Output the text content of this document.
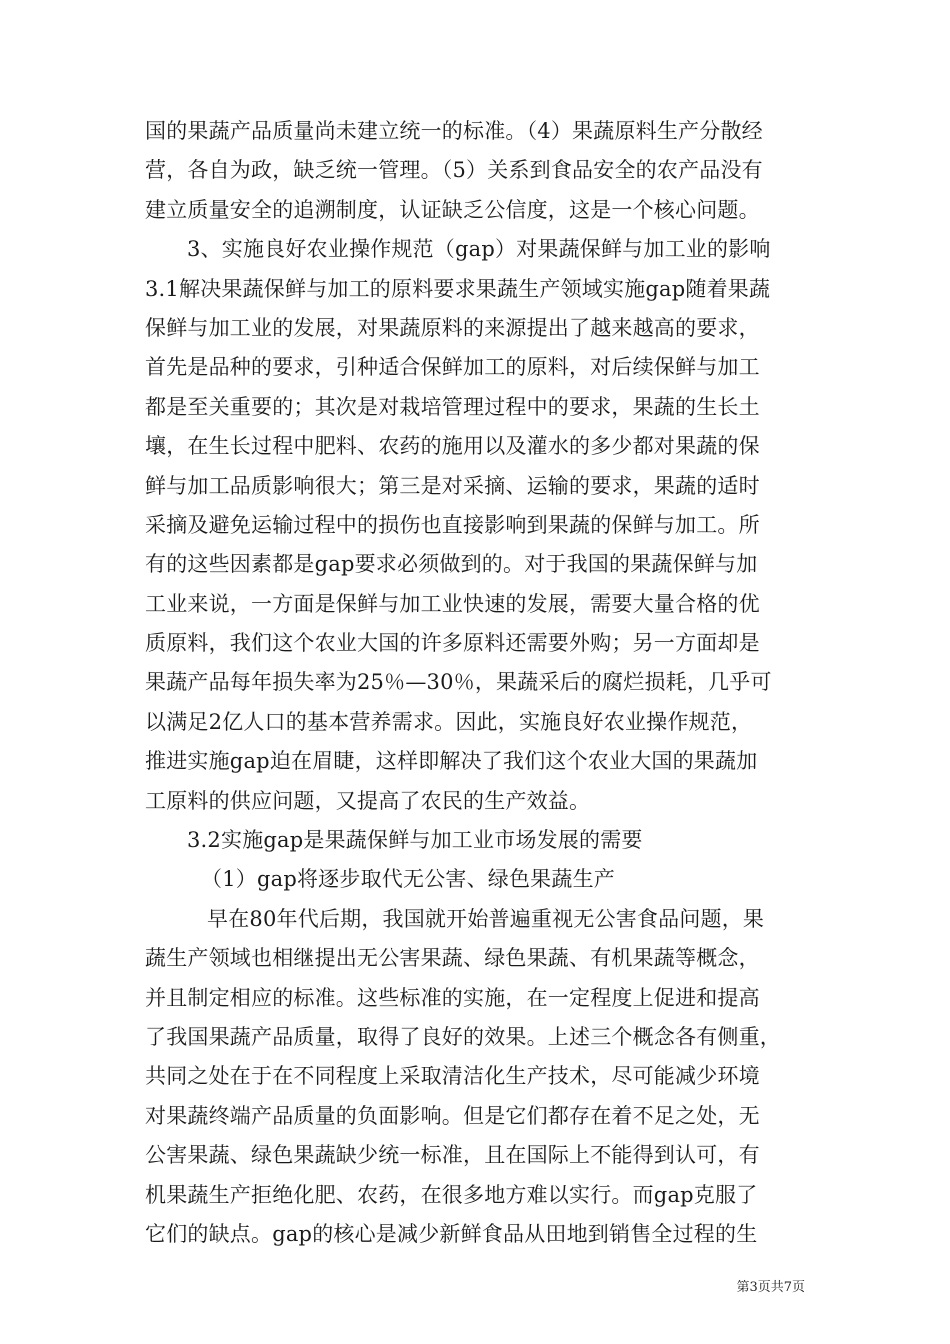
国的果蔬产品质量尚未建立统一的标准。（4）果蔬原料生产分散经
营，各自为政，缺乏统一管理。（5）关系到食品安全的农产品没有
建立质量安全的追溯制度，认证缺乏公信度，这是一个核心问题。
3、实施良好农业操作规范（gap）对果蔬保鲜与加工业的影响
3.1解决果蔬保鲜与加工的原料要求果蔬生产领域实施gap随着果蔬
保鲜与加工业的发展，对果蔬原料的来源提出了越来越高的要求，
首先是品种的要求，引种适合保鲜加工的原料，对后续保鲜与加工
都是至关重要的；其次是对栽培管理过程中的要求，果蔬的生长土
壤，在生长过程中肥料、农药的施用以及灌水的多少都对果蔬的保
鲜与加工品质影响很大；第三是对采摘、运输的要求，果蔬的适时
采摘及避免运输过程中的损伤也直接影响到果蔬的保鲜与加工。所
有的这些因素都是gap要求必须做到的。对于我国的果蔬保鲜与加
工业来说，一方面是保鲜与加工业快速的发展，需要大量合格的优
质原料，我们这个农业大国的许多原料还需要外购；另一方面却是
果蔬产品每年损失率为25％—30％，果蔬采后的腐烂损耗，几乎可
以满足2亿人口的基本营养需求。因此，实施良好农业操作规范，
推进实施gap迫在眉睫，这样即解决了我们这个农业大国的果蔬加
工原料的供应问题，又提高了农民的生产效益。
3.2实施gap是果蔬保鲜与加工业市场发展的需要
（1）gap将逐步取代无公害、绿色果蔬生产
早在80年代后期，我国就开始普遍重视无公害食品问题，果
蔬生产领域也相继提出无公害果蔬、绿色果蔬、有机果蔬等概念，
并且制定相应的标准。这些标准的实施，在一定程度上促进和提高
了我国果蔬产品质量，取得了良好的效果。上述三个概念各有侧重，
共同之处在于在不同程度上采取清洁化生产技术，尽可能减少环境
对果蔬终端产品质量的负面影响。但是它们都存在着不足之处，无
公害果蔬、绿色果蔬缺少统一标准，且在国际上不能得到认可，有
机果蔬生产拒绝化肥、农药，在很多地方难以实行。而gap克服了
它们的缺点。gap的核心是减少新鲜食品从田地到销售全过程的生
第3页共7页
